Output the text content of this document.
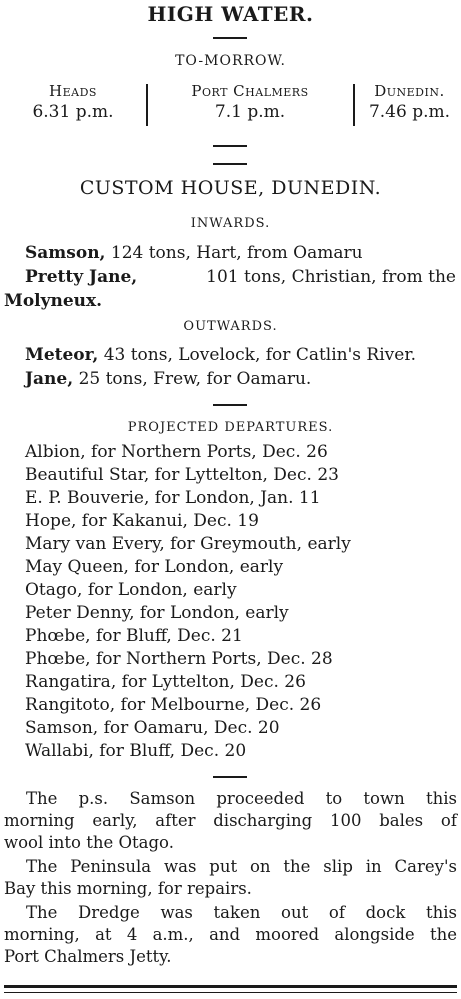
HIGH WATER.
TO-MORROW.
Heads
6.31 p.m.
Port Chalmers
7.1 p.m.
Dunedin.
7.46 p.m.
CUSTOM HOUSE, DUNEDIN.
INWARDS.
Samson, 124 tons, Hart, from Oamaru
Pretty Jane,	101 tons, Christian, from the
Molyneux.
OUTWARDS.
Meteor, 43 tons, Lovelock, for Catlin's River.
Jane, 25 tons, Frew, for Oamaru.
PROJECTED DEPARTURES.
Albion, for Northern Ports, Dec. 26
Beautiful Star, for Lyttelton, Dec. 23
E. P. Bouverie, for London, Jan. 11
Hope, for Kakanui, Dec. 19
Mary van Every, for Greymouth, early
May Queen, for London, early
Otago, for London, early
Peter Denny, for London, early
Phœbe, for Bluff, Dec. 21
Phœbe, for Northern Ports, Dec. 28
Rangatira, for Lyttelton, Dec. 26
Rangitoto, for Melbourne, Dec. 26
Samson, for Oamaru, Dec. 20
Wallabi, for Bluff, Dec. 20
The p.s. Samson proceeded to town this
morning early, after discharging 100 bales of
wool into the Otago.
The Peninsula was put on the slip in Carey's
Bay this morning, for repairs.
The Dredge was taken out of dock this
morning, at 4 a.m., and moored alongside the
Port Chalmers Jetty.
